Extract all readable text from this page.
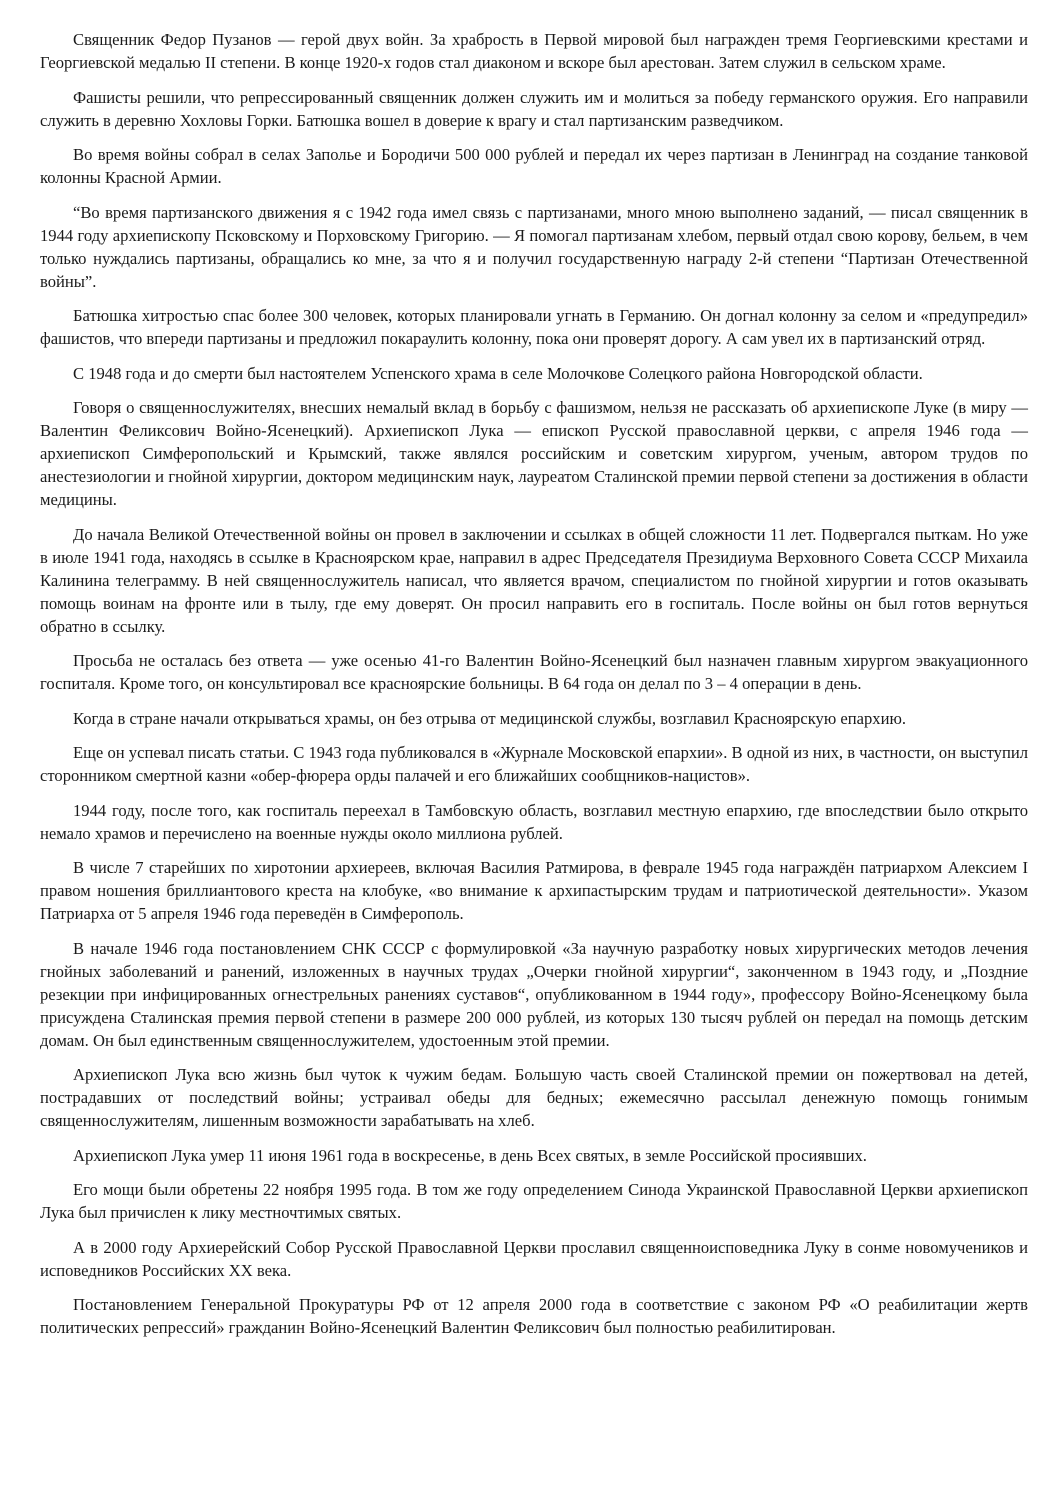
Священник Федор Пузанов — герой двух войн. За храбрость в Первой мировой был награжден тремя Георгиевскими крестами и Георгиевской медалью II степени. В конце 1920-х годов стал диаконом и вскоре был арестован. Затем служил в сельском храме.

Фашисты решили, что репрессированный священник должен служить им и молиться за победу германского оружия. Его направили служить в деревню Хохловы Горки. Батюшка вошел в доверие к врагу и стал партизанским разведчиком.

Во время войны собрал в селах Заполье и Бородичи 500 000 рублей и передал их через партизан в Ленинград на создание танковой колонны Красной Армии.

“Во время партизанского движения я с 1942 года имел связь с партизанами, много мною выполнено заданий, — писал священник в 1944 году архиепископу Псковскому и Порховскому Григорию. — Я помогал партизанам хлебом, первый отдал свою корову, бельем, в чем только нуждались партизаны, обращались ко мне, за что я и получил государственную награду 2-й степени “Партизан Отечественной войны”.

Батюшка хитростью спас более 300 человек, которых планировали угнать в Германию. Он догнал колонну за селом и «предупредил» фашистов, что впереди партизаны и предложил покараулить колонну, пока они проверят дорогу. А сам увел их в партизанский отряд.

С 1948 года и до смерти был настоятелем Успенского храма в селе Молочкове Солецкого района Новгородской области.

Говоря о священнослужителях, внесших немалый вклад в борьбу с фашизмом, нельзя не рассказать об архиепископе Луке (в миру — Валентин Феликсович Войно-Ясенецкий). Архиепископ Лука — епископ Русской православной церкви, с апреля 1946 года — архиепископ Симферопольский и Крымский, также являлся российским и советским хирургом, ученым, автором трудов по анестезиологии и гнойной хирургии, доктором медицинским наук, лауреатом Сталинской премии первой степени за достижения в области медицины.

До начала Великой Отечественной войны он провел в заключении и ссылках в общей сложности 11 лет. Подвергался пыткам. Но уже в июле 1941 года, находясь в ссылке в Красноярском крае, направил в адрес Председателя Президиума Верховного Совета СССР Михаила Калинина телеграмму. В ней священнослужитель написал, что является врачом, специалистом по гнойной хирургии и готов оказывать помощь воинам на фронте или в тылу, где ему доверят. Он просил направить его в госпиталь. После войны он был готов вернуться обратно в ссылку.

Просьба не осталась без ответа — уже осенью 41-го Валентин Войно-Ясенецкий был назначен главным хирургом эвакуационного госпиталя. Кроме того, он консультировал все красноярские больницы. В 64 года он делал по 3 – 4 операции в день.

Когда в стране начали открываться храмы, он без отрыва от медицинской службы, возглавил Красноярскую епархию.

Еще он успевал писать статьи. С 1943 года публиковался в «Журнале Московской епархии». В одной из них, в частности, он выступил сторонником смертной казни «обер-фюрера орды палачей и его ближайших сообщников-нацистов».

1944 году, после того, как госпиталь переехал в Тамбовскую область, возглавил местную епархию, где впоследствии было открыто немало храмов и перечислено на военные нужды около миллиона рублей.

В числе 7 старейших по хиротонии архиереев, включая Василия Ратмирова, в феврале 1945 года награждён патриархом Алексием I правом ношения бриллиантового креста на клобуке, «во внимание к архипастырским трудам и патриотической деятельности». Указом Патриарха от 5 апреля 1946 года переведён в Симферополь.

В начале 1946 года постановлением СНК СССР с формулировкой «За научную разработку новых хирургических методов лечения гнойных заболеваний и ранений, изложенных в научных трудах „Очерки гнойной хирургии“, законченном в 1943 году, и „Поздние резекции при инфицированных огнестрельных ранениях суставов“, опубликованном в 1944 году», профессору Войно-Ясенецкому была присуждена Сталинская премия первой степени в размере 200 000 рублей, из которых 130 тысяч рублей он передал на помощь детским домам. Он был единственным священнослужителем, удостоенным этой премии.

Архиепископ Лука всю жизнь был чуток к чужим бедам. Большую часть своей Сталинской премии он пожертвовал на детей, пострадавших от последствий войны; устраивал обеды для бедных; ежемесячно рассылал денежную помощь гонимым священнослужителям, лишенным возможности зарабатывать на хлеб.

Архиепископ Лука умер 11 июня 1961 года в воскресенье, в день Всех святых, в земле Российской просиявших.

Его мощи были обретены 22 ноября 1995 года. В том же году определением Синода Украинской Православной Церкви архиепископ Лука был причислен к лику местночтимых святых.

А в 2000 году Архиерейский Собор Русской Православной Церкви прославил священноисповедника Луку в сонме новомучеников и исповедников Российских XX века.

Постановлением Генеральной Прокуратуры РФ от 12 апреля 2000 года в соответствие с законом РФ «О реабилитации жертв политических репрессий» гражданин Войно-Ясенецкий Валентин Феликсович был полностью реабилитирован.
